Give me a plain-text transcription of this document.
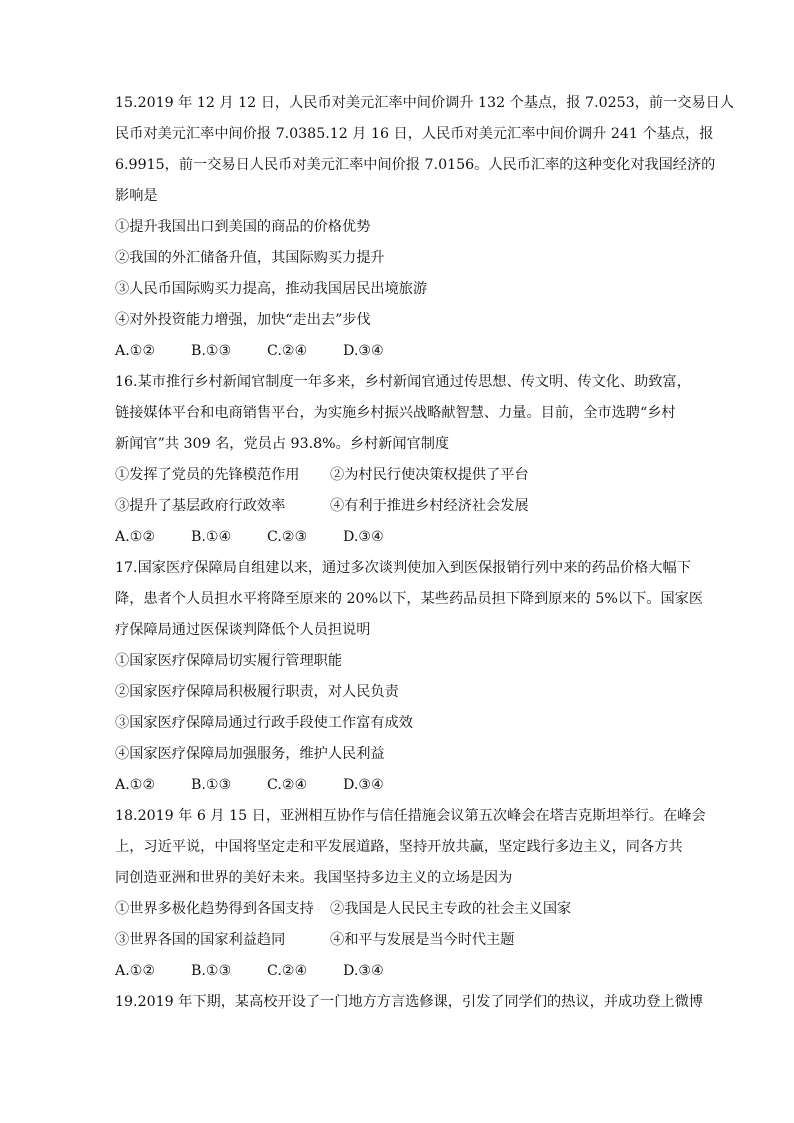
15.2019 年 12 月 12 日，人民币对美元汇率中间价调升 132 个基点，报 7.0253，前一交易日人
民币对美元汇率中间价报 7.0385.12 月 16 日，人民币对美元汇率中间价调升 241 个基点，报
6.9915，前一交易日人民币对美元汇率中间价报 7.0156。人民币汇率的这种变化对我国经济的
影响是
①提升我国出口到美国的商品的价格优势
②我国的外汇储备升值，其国际购买力提升
③人民币国际购买力提高，推动我国居民出境旅游
④对外投资能力增强，加快“走出去”步伐
A.①②	B.①③	C.②④	D.③④
16.某市推行乡村新闻官制度一年多来，乡村新闻官通过传思想、传文明、传文化、助致富，
链接媒体平台和电商销售平台，为实施乡村振兴战略献智慧、力量。目前，全市选聘“乡村
新闻官”共 309 名，党员占 93.8%。乡村新闻官制度
①发挥了党员的先锋模范作用 ②为村民行使决策权提供了平台
③提升了基层政府行政效率	④有利于推进乡村经济社会发展
A.①②	B.①④	C.②③	D.③④
17.国家医疗保障局自组建以来，通过多次谈判使加入到医保报销行列中来的药品价格大幅下
降，患者个人员担水平将降至原来的 20%以下，某些药品员担下降到原来的 5%以下。国家医
疗保障局通过医保谈判降低个人员担说明
①国家医疗保障局切实履行管理职能
②国家医疗保障局积极履行职责，对人民负责
③国家医疗保障局通过行政手段使工作富有成效
④国家医疗保障局加强服务，维护人民利益
A.①②	B.①③	C.②④	D.③④
18.2019 年 6 月 15 日，亚洲相互协作与信任措施会议第五次峰会在塔吉克斯坦举行。在峰会
上，习近平说，中国将坚定走和平发展道路，坚持开放共赢，坚定践行多边主义，同各方共
同创造亚洲和世界的美好未来。我国坚持多边主义的立场是因为
①世界多极化趋势得到各国支持 ②我国是人民民主专政的社会主义国家
③世界各国的国家利益趋同	④和平与发展是当今时代主题
A.①②	B.①③	C.②④	D.③④
19.2019 年下期，某高校开设了一门地方方言选修课，引发了同学们的热议，并成功登上微博
